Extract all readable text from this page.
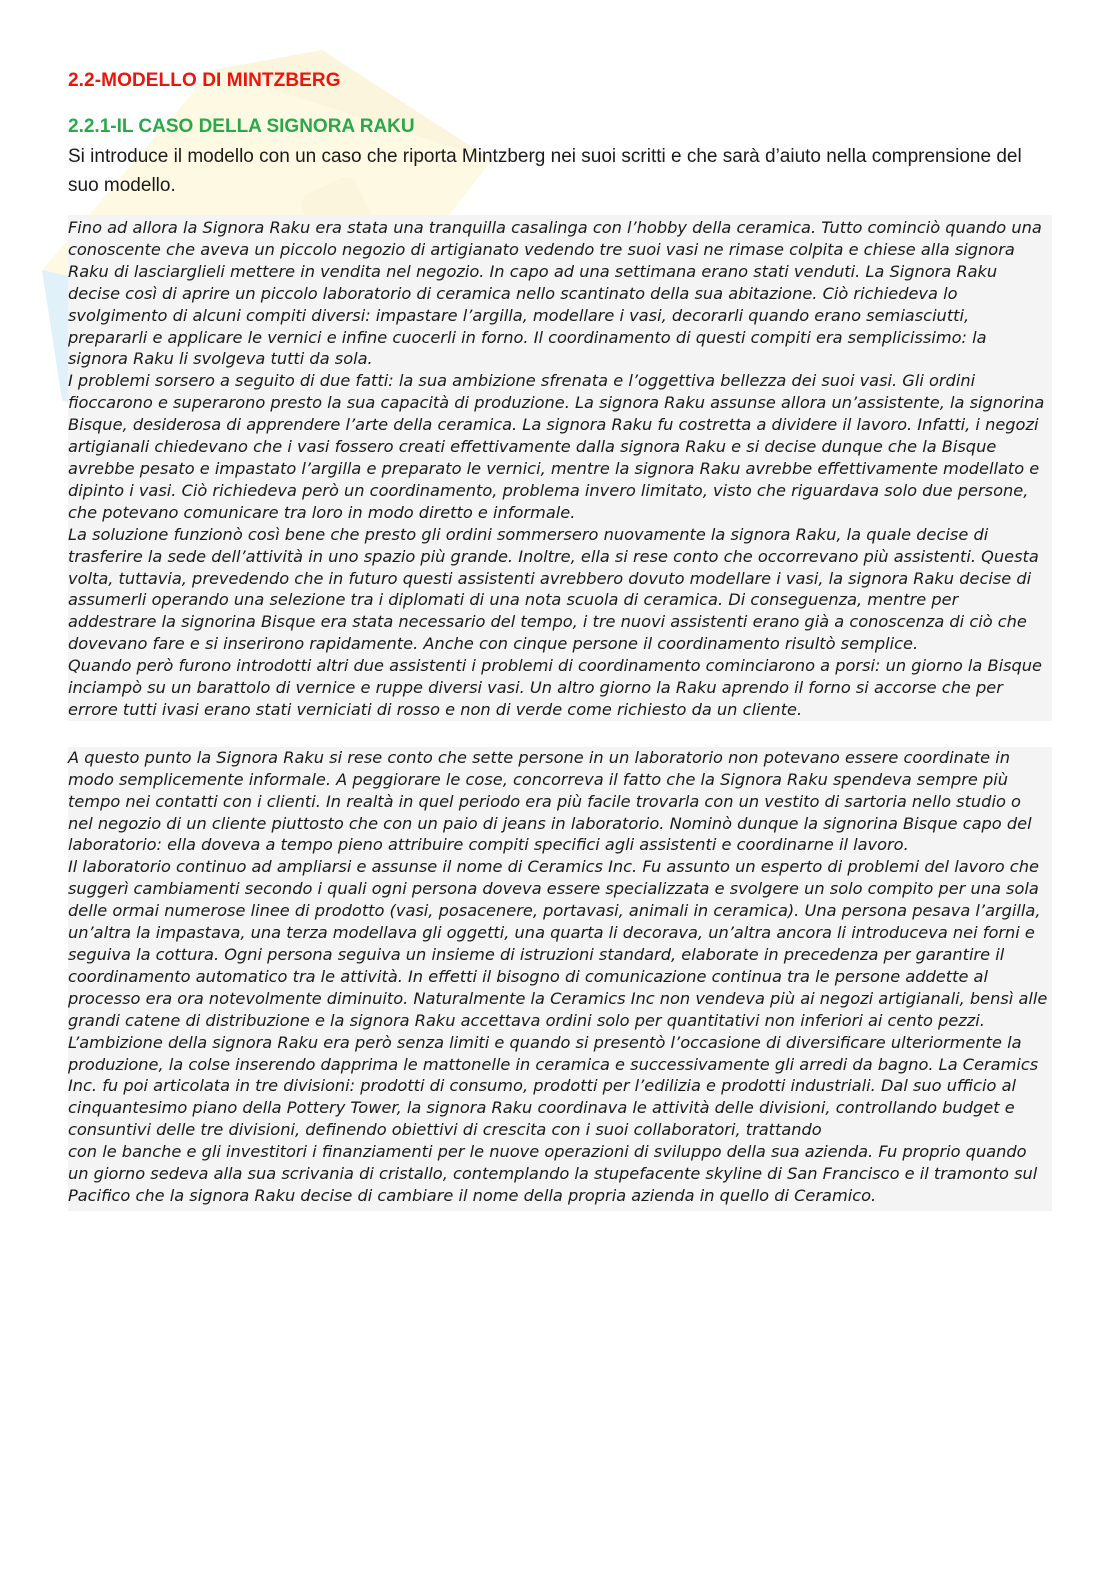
2.2-MODELLO DI MINTZBERG
2.2.1-IL CASO DELLA SIGNORA RAKU

Si introduce il modello con un caso che riporta Mintzberg nei suoi scritti e che sarà d’aiuto nella comprensione del suo modello.

Fino ad allora la Signora Raku era stata una tranquilla casalinga con l’hobby della ceramica. Tutto cominciò quando una conoscente che aveva un piccolo negozio di artigianato vedendo tre suoi vasi ne rimase colpita e chiese alla signora Raku di lasciarglieli mettere in vendita nel negozio. In capo ad una settimana erano stati venduti. La Signora Raku decise così di aprire un piccolo laboratorio di ceramica nello scantinato della sua abitazione. Ciò richiedeva lo svolgimento di alcuni compiti diversi: impastare l’argilla, modellare i vasi, decorarli quando erano semiasciutti, prepararli e applicare le vernici e infine cuocerli in forno. Il coordinamento di questi compiti era semplicissimo: la signora Raku li svolgeva tutti da sola.

I problemi sorsero a seguito di due fatti: la sua ambizione sfrenata e l’oggettiva bellezza dei suoi vasi. Gli ordini fioccarono e superarono presto la sua capacità di produzione. La signora Raku assunse allora un’assistente, la signorina Bisque, desiderosa di apprendere l’arte della ceramica. La signora Raku fu costretta a dividere il lavoro. Infatti, i negozi artigianali chiedevano che i vasi fossero creati effettivamente dalla signora Raku e si decise dunque che la Bisque avrebbe pesato e impastato l’argilla e preparato le vernici, mentre la signora Raku avrebbe effettivamente modellato e dipinto i vasi. Ciò richiedeva però un coordinamento, problema invero limitato, visto che riguardava solo due persone, che potevano comunicare tra loro in modo diretto e informale.

La soluzione funzionò così bene che presto gli ordini sommersero nuovamente la signora Raku, la quale decise di trasferire la sede dell’attività in uno spazio più grande. Inoltre, ella si rese conto che occorrevano più assistenti. Questa volta, tuttavia, prevedendo che in futuro questi assistenti avrebbero dovuto modellare i vasi, la signora Raku decise di assumerli operando una selezione tra i diplomati di una nota scuola di ceramica. Di conseguenza, mentre per addestrare la signorina Bisque era stata necessario del tempo, i tre nuovi assistenti erano già a conoscenza di ciò che dovevano fare e si inserirono rapidamente. Anche con cinque persone il coordinamento risultò semplice.

Quando però furono introdotti altri due assistenti i problemi di coordinamento cominciarono a porsi: un giorno la Bisque inciampò su un barattolo di vernice e ruppe diversi vasi. Un altro giorno la Raku aprendo il forno si accorse che per errore tutti ivasi erano stati verniciati di rosso e non di verde come richiesto da un cliente.

A questo punto la Signora Raku si rese conto che sette persone in un laboratorio non potevano essere coordinate in modo semplicemente informale. A peggiorare le cose, concorreva il fatto che la Signora Raku spendeva sempre più tempo nei contatti con i clienti. In realtà in quel periodo era più facile trovarla con un vestito di sartoria nello studio o nel negozio di un cliente piuttosto che con un paio di jeans in laboratorio. Nominò dunque la signorina Bisque capo del laboratorio: ella doveva a tempo pieno attribuire compiti specifici agli assistenti e coordinarne il lavoro.

Il laboratorio continuo ad ampliarsi e assunse il nome di Ceramics Inc. Fu assunto un esperto di problemi del lavoro che suggerì cambiamenti secondo i quali ogni persona doveva essere specializzata e svolgere un solo compito per una sola delle ormai numerose linee di prodotto (vasi, posacenere, portavasi, animali in ceramica). Una persona pesava l’argilla, un’altra la impastava, una terza modellava gli oggetti, una quarta li decorava, un’altra ancora li introduceva nei forni e seguiva la cottura. Ogni persona seguiva un insieme di istruzioni standard, elaborate in precedenza per garantire il coordinamento automatico tra le attività. In effetti il bisogno di comunicazione continua tra le persone addette al processo era ora notevolmente diminuito. Naturalmente la Ceramics Inc non vendeva più ai negozi artigianali, bensì alle grandi catene di distribuzione e la signora Raku accettava ordini solo per quantitativi non inferiori ai cento pezzi.

L’ambizione della signora Raku era però senza limiti e quando si presentò l’occasione di diversificare ulteriormente la produzione, la colse inserendo dapprima le mattonelle in ceramica e successivamente gli arredi da bagno. La Ceramics Inc. fu poi articolata in tre divisioni: prodotti di consumo, prodotti per l’edilizia e prodotti industriali. Dal suo ufficio al cinquantesimo piano della Pottery Tower, la signora Raku coordinava le attività delle divisioni, controllando budget e consuntivi delle tre divisioni, definendo obiettivi di crescita con i suoi collaboratori, trattando

con le banche e gli investitori i finanziamenti per le nuove operazioni di sviluppo della sua azienda. Fu proprio quando un giorno sedeva alla sua scrivania di cristallo, contemplando la stupefacente skyline di San Francisco e il tramonto sul Pacifico che la signora Raku decise di cambiare il nome della propria azienda in quello di Ceramico.
